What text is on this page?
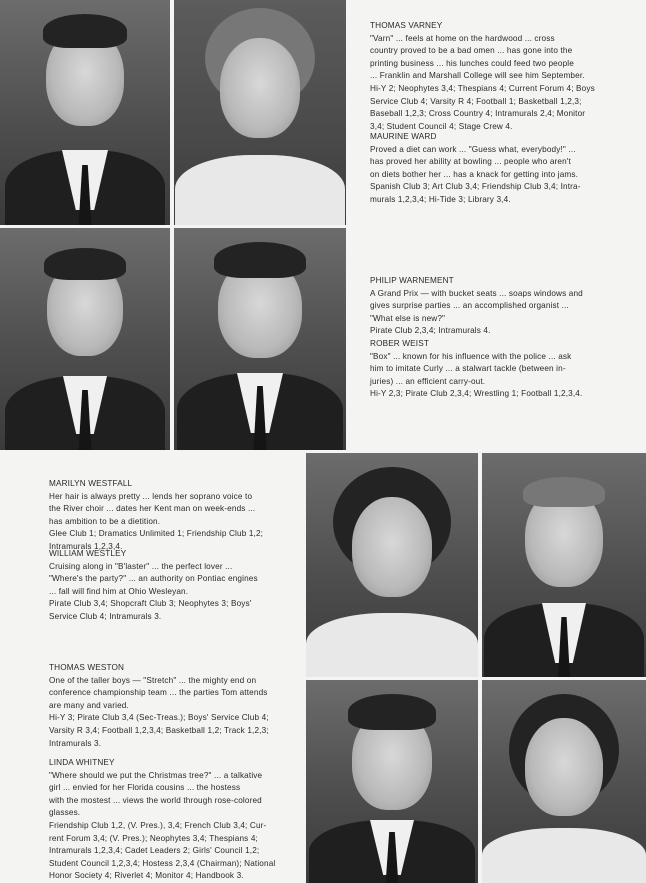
THOMAS VARNEY

"Varn" ... feels at home on the hardwood ... cross

country proved to be a bad omen ... has gone into the

printing business ... his lunches could feed two people

... Franklin and Marshall College will see him September.

Hi-Y 2; Neophytes 3,4; Thespians 4; Current Forum 4; Boys

Service Club 4; Varsity R 4; Football 1; Basketball 1,2,3;

Baseball 1,2,3; Cross Country 4; Intramurals 2,4; Monitor

3,4; Student Council 4; Stage Crew 4.

MAURINE WARD

Proved a diet can work ... "Guess what, everybody!" ...

has proved her ability at bowling ... people who aren't

on diets bother her ... has a knack for getting into jams.

Spanish Club 3; Art Club 3,4; Friendship Club 3,4; Intra-

murals 1,2,3,4; Hi-Tide 3; Library 3,4.

PHILIP WARNEMENT

A Grand Prix — with bucket seats ... soaps windows and

gives surprise parties ... an accomplished organist ...

"What else is new?"

Pirate Club 2,3,4; Intramurals 4.

ROBER WEIST

"Box" ... known for his influence with the police ... ask

him to imitate Curly ... a stalwart tackle (between in-

juries) ... an efficient carry-out.

Hi-Y 2,3; Pirate Club 2,3,4; Wrestling 1; Football 1,2,3,4.

MARILYN WESTFALL

Her hair is always pretty ... lends her soprano voice to

the River choir ... dates her Kent man on week-ends ...

has ambition to be a dietition.

Glee Club 1; Dramatics Unlimited 1; Friendship Club 1,2;

Intramurals 1,2,3,4.

WILLIAM WESTLEY

Cruising along in "B'laster" ... the perfect lover ...

"Where's the party?" ... an authority on Pontiac engines

... fall will find him at Ohio Wesleyan.

Pirate Club 3,4; Shopcraft Club 3; Neophytes 3; Boys'

Service Club 4; Intramurals 3.

THOMAS WESTON

One of the taller boys — "Stretch" ... the mighty end on

conference championship team ... the parties Tom attends

are many and varied.

Hi-Y 3; Pirate Club 3,4 (Sec-Treas.); Boys' Service Club 4;

Varsity R 3,4; Football 1,2,3,4; Basketball 1,2; Track 1,2,3;

Intramurals 3.

LINDA WHITNEY

"Where should we put the Christmas tree?" ... a talkative

girl ... envied for her Florida cousins ... the hostess

with the mostest ... views the world through rose-colored

glasses.

Friendship Club 1,2, (V. Pres.), 3,4; French Club 3,4; Cur-

rent Forum 3,4; (V. Pres.); Neophytes 3,4; Thespians 4;

Intramurals 1,2,3,4; Cadet Leaders 2; Girls' Council 1,2;

Student Council 1,2,3,4; Hostess 2,3,4 (Chairman); National

Honor Society 4; Riverlet 4; Monitor 4; Handbook 3.
